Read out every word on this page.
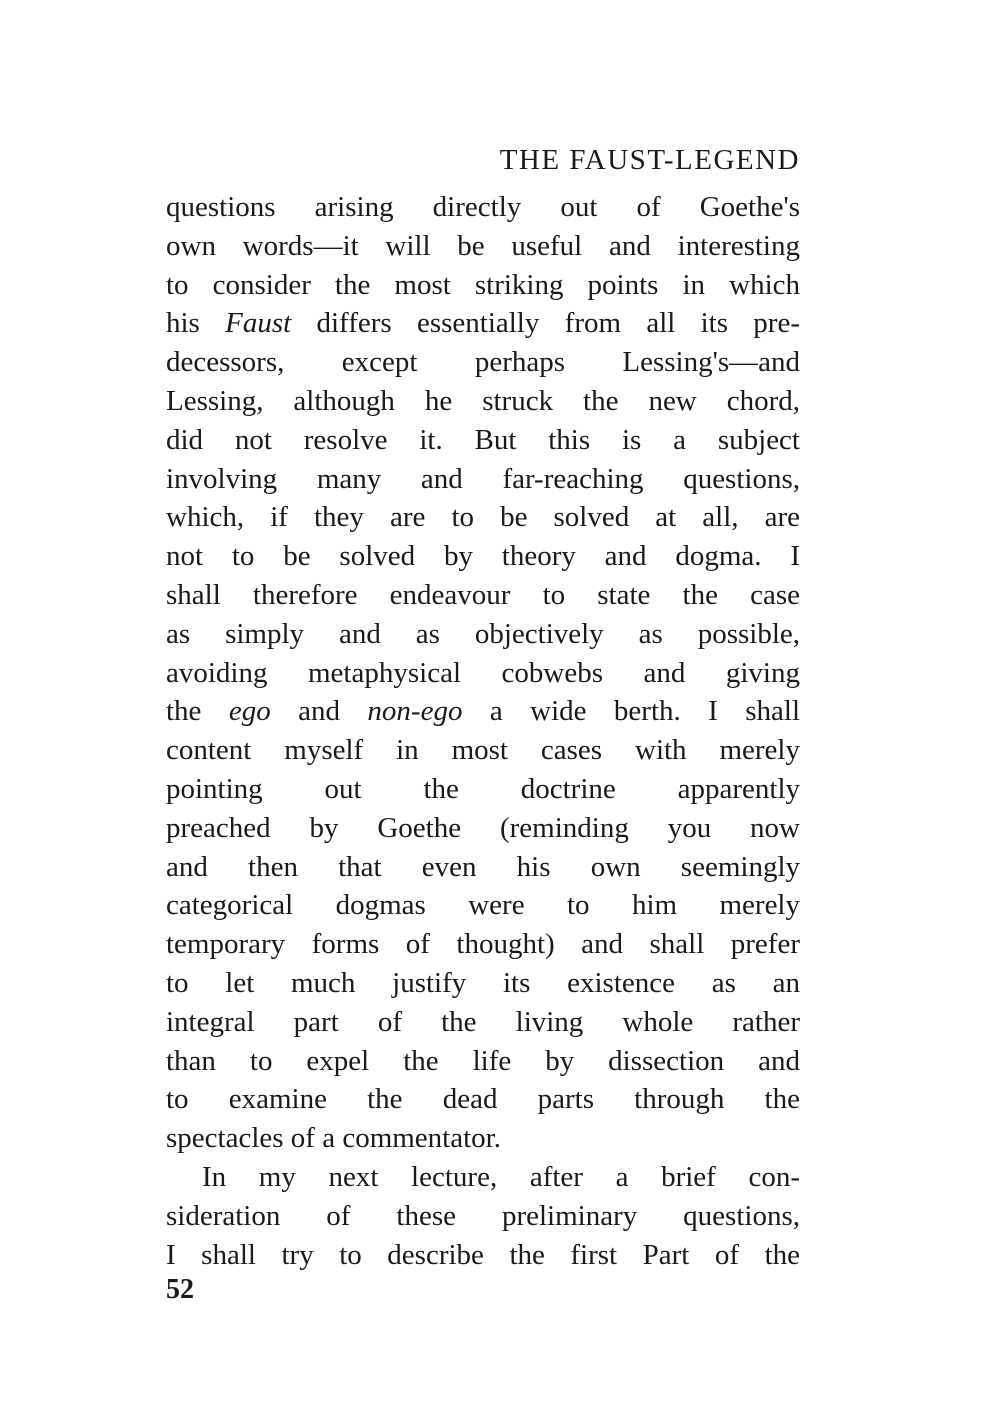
THE FAUST-LEGEND

questions arising directly out of Goethe's
own words—it will be useful and interesting
to consider the most striking points in which
his Faust differs essentially from all its pre-
decessors, except perhaps Lessing's—and
Lessing, although he struck the new chord,
did not resolve it. But this is a subject
involving many and far-reaching questions,
which, if they are to be solved at all, are
not to be solved by theory and dogma. I
shall therefore endeavour to state the case
as simply and as objectively as possible,
avoiding metaphysical cobwebs and giving
the ego and non-ego a wide berth. I shall
content myself in most cases with merely
pointing out the doctrine apparently
preached by Goethe (reminding you now
and then that even his own seemingly
categorical dogmas were to him merely
temporary forms of thought) and shall prefer
to let much justify its existence as an
integral part of the living whole rather
than to expel the life by dissection and
to examine the dead parts through the
spectacles of a commentator.
In my next lecture, after a brief con-
sideration of these preliminary questions,
I shall try to describe the first Part of the

52
